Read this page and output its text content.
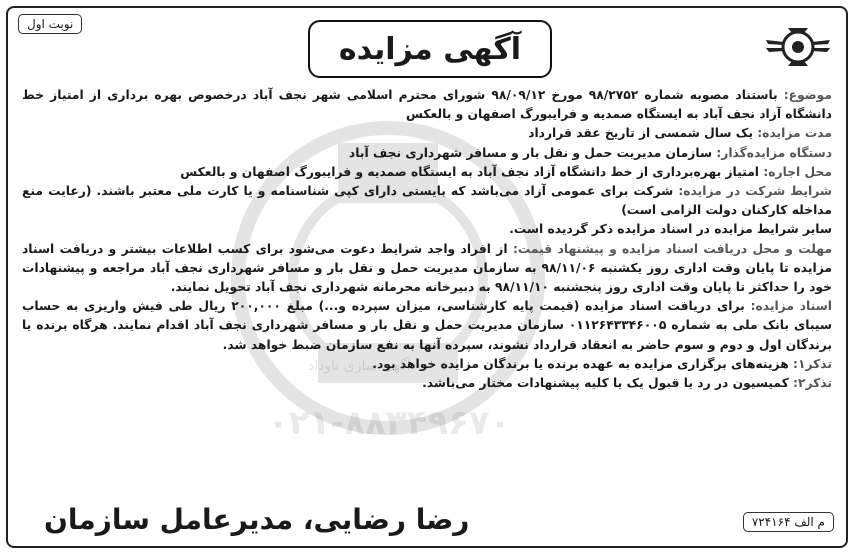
نوبت اول
آگهی مزایده
آگهی سازی ناوداد
۰۲۱-۸۸۳۴۹۶۷۰

موضوع: باستناد مصوبه شماره ۹۸/۲۷۵۲ مورخ ۹۸/۰۹/۱۲ شورای محترم اسلامی شهر نجف آباد درخصوص بهره برداری از امتیاز خط دانشگاه آزاد نجف آباد به ایستگاه صمدیه و فرایبورگ اصفهان و بالعکس

مدت مزایده: یک سال شمسی از تاریخ عقد قرارداد

دستگاه مزایده‌گذار: سازمان مدیریت حمل و نقل بار و مسافر شهرداری نجف آباد

محل اجاره: امتیاز بهره‌برداری از خط دانشگاه آزاد نجف آباد به ایستگاه صمدیه و فرایبورگ اصفهان و بالعکس

شرایط شرکت در مزایده: شرکت برای عمومی آزاد می‌باشد که بایستی دارای کپی شناسنامه و یا کارت ملی معتبر باشند. (رعایت منع مداخله کارکنان دولت الزامی است)

سایر شرایط مزایده در اسناد مزایده ذکر گردیده است.

مهلت و محل دریافت اسناد مزایده و پیشنهاد قیمت: از افراد واجد شرایط دعوت می‌شود برای کسب اطلاعات بیشتر و دریافت اسناد مزایده تا پایان وقت اداری روز یکشنبه ۹۸/۱۱/۰۶ به سازمان مدیریت حمل و نقل بار و مسافر شهرداری نجف آباد مراجعه و پیشنهادات خود را حداکثر تا پایان وقت اداری روز پنجشنبه ۹۸/۱۱/۱۰ به دبیرخانه محرمانه شهرداری نجف آباد تحویل نمایند.

اسناد مزایده: برای دریافت اسناد مزایده (قیمت پایه کارشناسی، میزان سپرده و...) مبلغ ۲۰۰,۰۰۰ ریال طی فیش واریزی به حساب سیبای بانک ملی به شماره ۰۱۱۲۶۴۳۳۴۶۰۰۵ سازمان مدیریت حمل و نقل بار و مسافر شهرداری نجف آباد اقدام نمایند. هرگاه برنده یا برندگان اول و دوم و سوم حاضر به انعقاد قرارداد نشوند، سپرده آنها به نفع سازمان ضبط خواهد شد.

تذکر۱: هزینه‌های برگزاری مزایده به عهده برنده یا برندگان مزایده خواهد بود.

تذکر۲: کمیسیون در رد یا قبول یک یا کلیه پیشنهادات مختار می‌باشد.

رضا رضایی، مدیرعامل سازمان	م الف ۷۲۴۱۶۴
